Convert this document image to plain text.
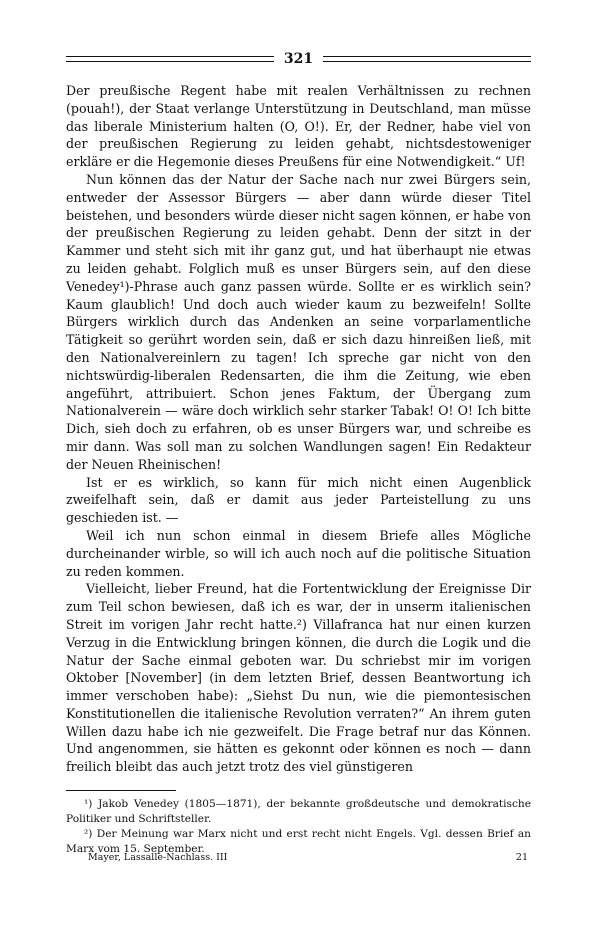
321

Der preußische Regent habe mit realen Verhältnissen zu rechnen (pouah!), der Staat verlange Unterstützung in Deutschland, man müsse das liberale Ministerium halten (O, O!). Er, der Redner, habe viel von der preußischen Regierung zu leiden gehabt, nichtsdestoweniger erkläre er die Hegemonie dieses Preußens für eine Notwendigkeit.“ Uf!

Nun können das der Natur der Sache nach nur zwei Bürgers sein, entweder der Assessor Bürgers — aber dann würde dieser Titel beistehen, und besonders würde dieser nicht sagen können, er habe von der preußischen Regierung zu leiden gehabt. Denn der sitzt in der Kammer und steht sich mit ihr ganz gut, und hat überhaupt nie etwas zu leiden gehabt. Folglich muß es unser Bürgers sein, auf den diese Venedey¹)-Phrase auch ganz passen würde. Sollte er es wirklich sein? Kaum glaublich! Und doch auch wieder kaum zu bezweifeln! Sollte Bürgers wirklich durch das Andenken an seine vorparlamentliche Tätigkeit so gerührt worden sein, daß er sich dazu hinreißen ließ, mit den Nationalvereinlern zu tagen! Ich spreche gar nicht von den nichtswürdig-liberalen Redensarten, die ihm die Zeitung, wie eben angeführt, attribuiert. Schon jenes Faktum, der Übergang zum Nationalverein — wäre doch wirklich sehr starker Tabak! O! O! Ich bitte Dich, sieh doch zu erfahren, ob es unser Bürgers war, und schreibe es mir dann. Was soll man zu solchen Wandlungen sagen! Ein Redakteur der Neuen Rheinischen!

Ist er es wirklich, so kann für mich nicht einen Augenblick zweifelhaft sein, daß er damit aus jeder Parteistellung zu uns geschieden ist. —

Weil ich nun schon einmal in diesem Briefe alles Mögliche durcheinander wirble, so will ich auch noch auf die politische Situation zu reden kommen.

Vielleicht, lieber Freund, hat die Fortentwicklung der Ereignisse Dir zum Teil schon bewiesen, daß ich es war, der in unserm italienischen Streit im vorigen Jahr recht hatte.²) Villafranca hat nur einen kurzen Verzug in die Entwicklung bringen können, die durch die Logik und die Natur der Sache einmal geboten war. Du schriebst mir im vorigen Oktober [November] (in dem letzten Brief, dessen Beantwortung ich immer verschoben habe): „Siehst Du nun, wie die piemontesischen Konstitutionellen die italienische Revolution verraten?“ An ihrem guten Willen dazu habe ich nie gezweifelt. Die Frage betraf nur das Können. Und angenommen, sie hätten es gekonnt oder können es noch — dann freilich bleibt das auch jetzt trotz des viel günstigeren

¹) Jakob Venedey (1805—1871), der bekannte großdeutsche und demokratische Politiker und Schriftsteller.

²) Der Meinung war Marx nicht und erst recht nicht Engels. Vgl. dessen Brief an Marx vom 15. September.

Mayer, Lassalle-Nachlass. III	21
